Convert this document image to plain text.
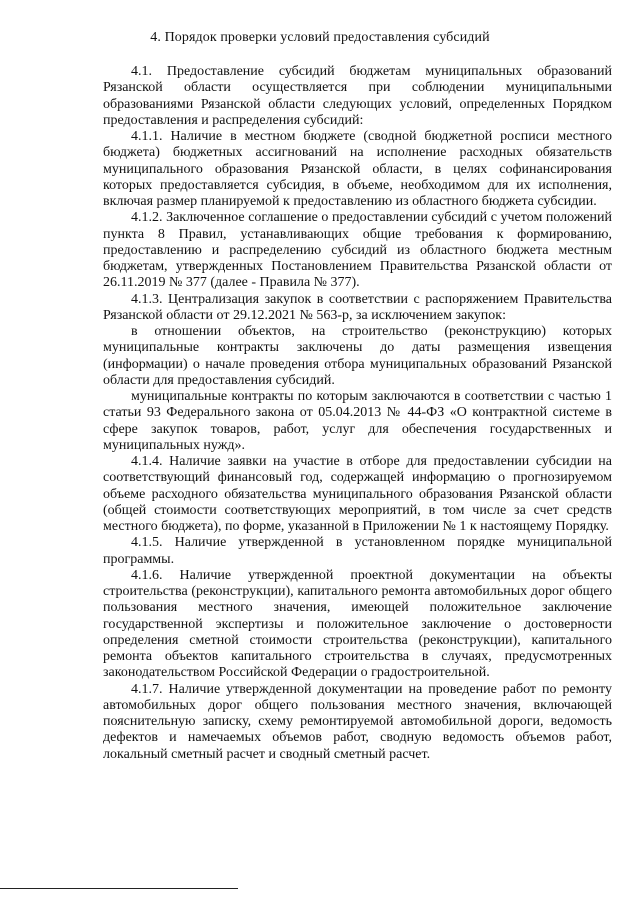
4. Порядок проверки условий предоставления субсидий

4.1. Предоставление субсидий бюджетам муниципальных образований Рязанской области осуществляется при соблюдении муниципальными образованиями Рязанской области следующих условий, определенных Порядком предоставления и распределения субсидий:

4.1.1. Наличие в местном бюджете (сводной бюджетной росписи местного бюджета) бюджетных ассигнований на исполнение расходных обязательств муниципального образования Рязанской области, в целях софинансирования которых предоставляется субсидия, в объеме, необходимом для их исполнения, включая размер планируемой к предоставлению из областного бюджета субсидии.

4.1.2. Заключенное соглашение о предоставлении субсидий с учетом положений пункта 8 Правил, устанавливающих общие требования к формированию, предоставлению и распределению субсидий из областного бюджета местным бюджетам, утвержденных Постановлением Правительства Рязанской области от 26.11.2019 № 377 (далее - Правила № 377).

4.1.3. Централизация закупок в соответствии с распоряжением Правительства Рязанской области от 29.12.2021 № 563-р, за исключением закупок:

в отношении объектов, на строительство (реконструкцию) которых муниципальные контракты заключены до даты размещения извещения (информации) о начале проведения отбора муниципальных образований Рязанской области для предоставления субсидий.

муниципальные контракты по которым заключаются в соответствии с частью 1 статьи 93 Федерального закона от 05.04.2013 № 44-ФЗ «О контрактной системе в сфере закупок товаров, работ, услуг для обеспечения государственных и муниципальных нужд».

4.1.4. Наличие заявки на участие в отборе для предоставлении субсидии на соответствующий финансовый год, содержащей информацию о прогнозируемом объеме расходного обязательства муниципального образования Рязанской области (общей стоимости соответствующих мероприятий, в том числе за счет средств местного бюджета), по форме, указанной в Приложении № 1 к настоящему Порядку.

4.1.5. Наличие утвержденной в установленном порядке муниципальной программы.

4.1.6. Наличие утвержденной проектной документации на объекты строительства (реконструкции), капитального ремонта автомобильных дорог общего пользования местного значения, имеющей положительное заключение государственной экспертизы и положительное заключение о достоверности определения сметной стоимости строительства (реконструкции), капитального ремонта объектов капитального строительства в случаях, предусмотренных законодательством Российской Федерации о градостроительной.

4.1.7. Наличие утвержденной документации на проведение работ по ремонту автомобильных дорог общего пользования местного значения, включающей пояснительную записку, схему ремонтируемой автомобильной дороги, ведомость дефектов и намечаемых объемов работ, сводную ведомость объемов работ, локальный сметный расчет и сводный сметный расчет.
